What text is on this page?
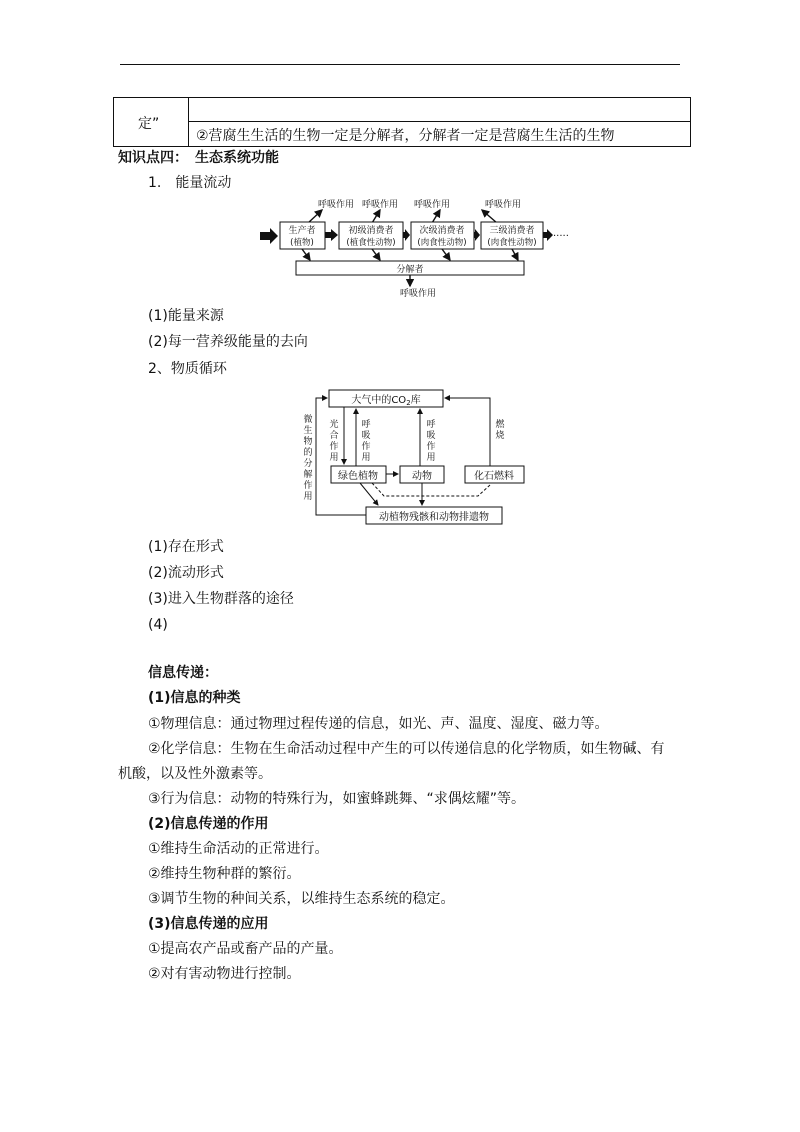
定”
②营腐生生活的生物一定是分解者，分解者一定是营腐生生活的生物
知识点四：　生态系统功能
1.　能量流动
呼吸作用 呼吸作用 呼吸作用	呼吸作用
生产者
(植物)
初级消费者
(植食性动物)
次级消费者
(肉食性动物)
三级消费者
(肉食性动物)
·····
分解者
呼吸作用
(1)能量来源
(2)每一营养级能量的去向
2、物质循环
大气中的$CO_2$库
绿色植物	动物	化石燃料
动植物残骸和动物排遗物
微生物的分解作用
光合作用
呼吸作用
呼吸作用
燃烧
(1)存在形式
(2)流动形式
(3)进入生物群落的途径
(4)
信息传递：
(1)信息的种类
①物理信息：通过物理过程传递的信息，如光、声、温度、湿度、磁力等。
②化学信息：生物在生命活动过程中产生的可以传递信息的化学物质，如生物碱、有
机酸，以及性外激素等。
③行为信息：动物的特殊行为，如蜜蜂跳舞、“求偶炫耀”等。
(2)信息传递的作用
①维持生命活动的正常进行。
②维持生物种群的繁衍。
③调节生物的种间关系，以维持生态系统的稳定。
(3)信息传递的应用
①提高农产品或畜产品的产量。
②对有害动物进行控制。
